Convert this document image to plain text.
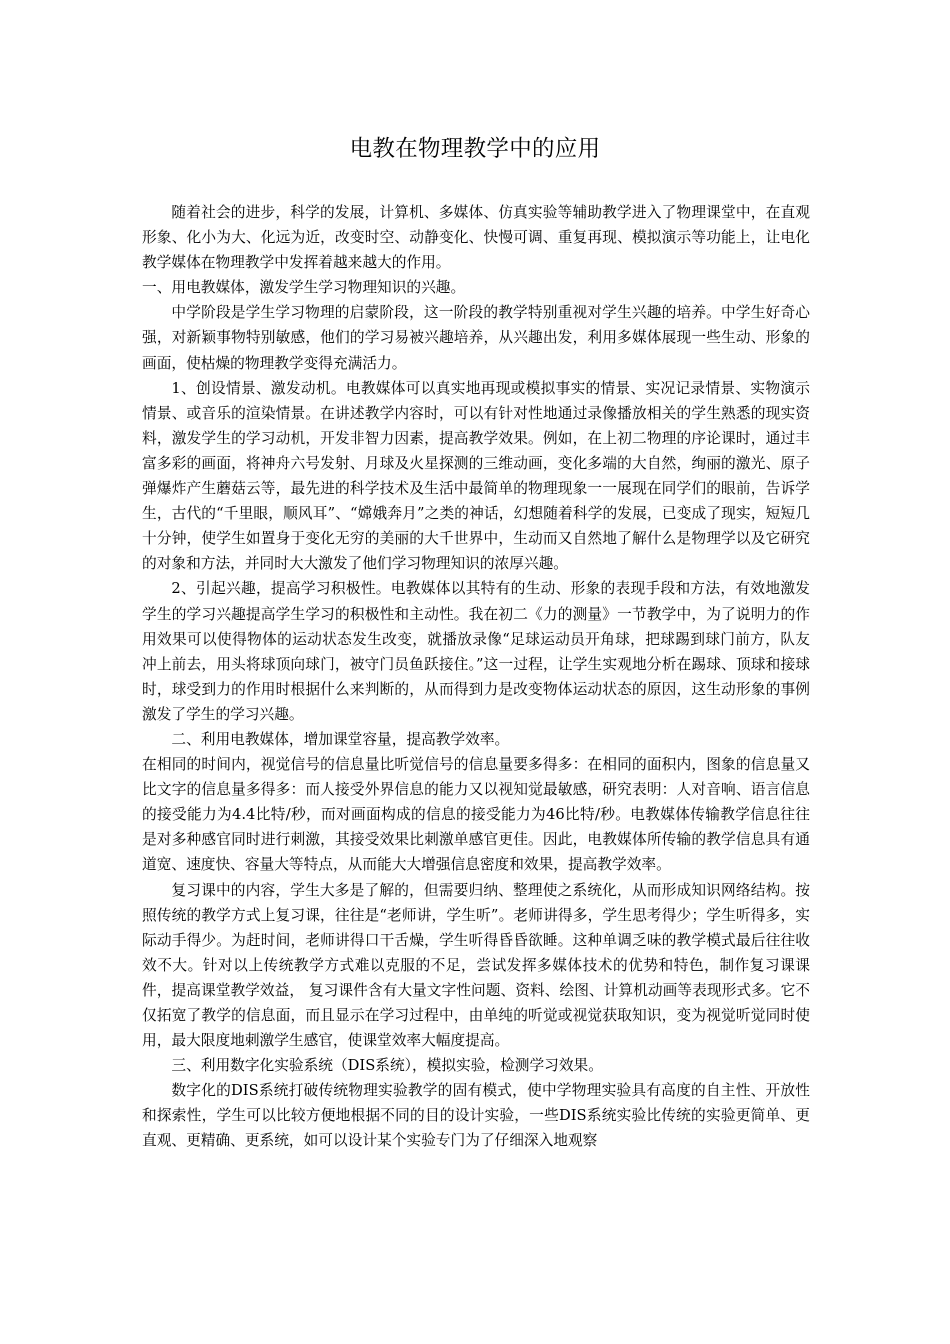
电教在物理教学中的应用

随着社会的进步，科学的发展，计算机、多媒体、仿真实验等辅助教学进入了物理课堂中，在直观形象、化小为大、化远为近，改变时空、动静变化、快慢可调、重复再现、模拟演示等功能上，让电化教学媒体在物理教学中发挥着越来越大的作用。

一、用电教媒体，激发学生学习物理知识的兴趣。

中学阶段是学生学习物理的启蒙阶段，这一阶段的教学特别重视对学生兴趣的培养。中学生好奇心强，对新颖事物特别敏感，他们的学习易被兴趣培养，从兴趣出发，利用多媒体展现一些生动、形象的画面，使枯燥的物理教学变得充满活力。

1、创设情景、激发动机。电教媒体可以真实地再现或模拟事实的情景、实况记录情景、实物演示情景、或音乐的渲染情景。在讲述教学内容时，可以有针对性地通过录像播放相关的学生熟悉的现实资料，激发学生的学习动机，开发非智力因素，提高教学效果。例如，在上初二物理的序论课时，通过丰富多彩的画面，将神舟六号发射、月球及火星探测的三维动画，变化多端的大自然，绚丽的激光、原子弹爆炸产生蘑菇云等，最先进的科学技术及生活中最简单的物理现象一一展现在同学们的眼前，告诉学生，古代的“千里眼，顺风耳”、“嫦娥奔月”之类的神话，幻想随着科学的发展，已变成了现实，短短几十分钟，使学生如置身于变化无穷的美丽的大千世界中，生动而又自然地了解什么是物理学以及它研究的对象和方法，并同时大大激发了他们学习物理知识的浓厚兴趣。

2、引起兴趣，提高学习积极性。电教媒体以其特有的生动、形象的表现手段和方法，有效地激发学生的学习兴趣提高学生学习的积极性和主动性。我在初二《力的测量》一节教学中，为了说明力的作用效果可以使得物体的运动状态发生改变，就播放录像“足球运动员开角球，把球踢到球门前方，队友冲上前去，用头将球顶向球门，被守门员鱼跃接住。”这一过程，让学生实观地分析在踢球、顶球和接球时，球受到力的作用时根据什么来判断的，从而得到力是改变物体运动状态的原因，这生动形象的事例激发了学生的学习兴趣。

二、利用电教媒体，增加课堂容量，提高教学效率。

在相同的时间内，视觉信号的信息量比听觉信号的信息量要多得多：在相同的面积内，图象的信息量又比文字的信息量多得多：而人接受外界信息的能力又以视知觉最敏感，研究表明：人对音响、语言信息的接受能力为4.4比特/秒，而对画面构成的信息的接受能力为46比特/秒。电教媒体传输教学信息往往是对多种感官同时进行刺激，其接受效果比刺激单感官更佳。因此，电教媒体所传输的教学信息具有通道宽、速度快、容量大等特点，从而能大大增强信息密度和效果，提高教学效率。

复习课中的内容，学生大多是了解的，但需要归纳、整理使之系统化，从而形成知识网络结构。按照传统的教学方式上复习课，往往是“老师讲，学生听”。老师讲得多，学生思考得少；学生听得多，实际动手得少。为赶时间，老师讲得口干舌燥，学生听得昏昏欲睡。这种单调乏味的教学模式最后往往收效不大。针对以上传统教学方式难以克服的不足，尝试发挥多媒体技术的优势和特色，制作复习课课件，提高课堂教学效益， 复习课件含有大量文字性问题、资料、绘图、计算机动画等表现形式多。它不仅拓宽了教学的信息面，而且显示在学习过程中，由单纯的听觉或视觉获取知识，变为视觉听觉同时使用，最大限度地刺激学生感官，使课堂效率大幅度提高。

三、利用数字化实验系统（DIS系统），模拟实验，检测学习效果。

数字化的DIS系统打破传统物理实验教学的固有模式，使中学物理实验具有高度的自主性、开放性和探索性，学生可以比较方便地根据不同的目的设计实验，一些DIS系统实验比传统的实验更简单、更直观、更精确、更系统，如可以设计某个实验专门为了仔细深入地观察
